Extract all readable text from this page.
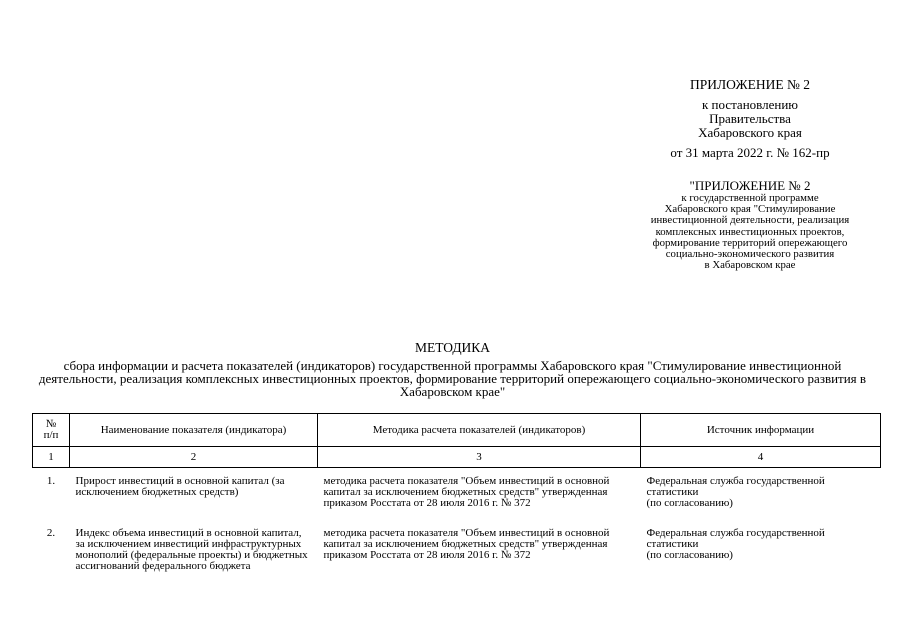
ПРИЛОЖЕНИЕ № 2
к постановлению
Правительства
Хабаровского края
от 31 марта 2022 г. № 162-пр
"ПРИЛОЖЕНИЕ № 2
к государственной программе
Хабаровского края "Стимулирование
инвестиционной деятельности, реализация
комплексных инвестиционных проектов,
формирование территорий опережающего
социально-экономического развития
в Хабаровском крае
МЕТОДИКА
сбора информации и расчета показателей (индикаторов) государственной программы Хабаровского края "Стимулирование инвестиционной деятельности, реализация комплексных инвестиционных проектов, формирование территорий опережающего социально-экономического развития в Хабаровском крае"
№
п/п	Наименование показателя (индикатора)	Методика расчета показателей (индикаторов)	Источник информации
1	2	3	4
1.	Прирост инвестиций в основной капитал (за исключением бюджетных средств)	методика расчета показателя "Объем инвестиций в основной капитал за исключением бюджетных средств" утвержденная приказом Росстата от 28 июля 2016 г. № 372	Федеральная служба государственной статистики
(по согласованию)

2.	Индекс объема инвестиций в основной капитал, за исключением инвестиций инфраструктурных монополий (федеральные проекты) и бюджетных ассигнований федерального бюджета	методика расчета показателя "Объем инвестиций в основной капитал за исключением бюджетных средств" утвержденная приказом Росстата от 28 июля 2016 г. № 372	Федеральная служба государственной статистики
(по согласованию)
